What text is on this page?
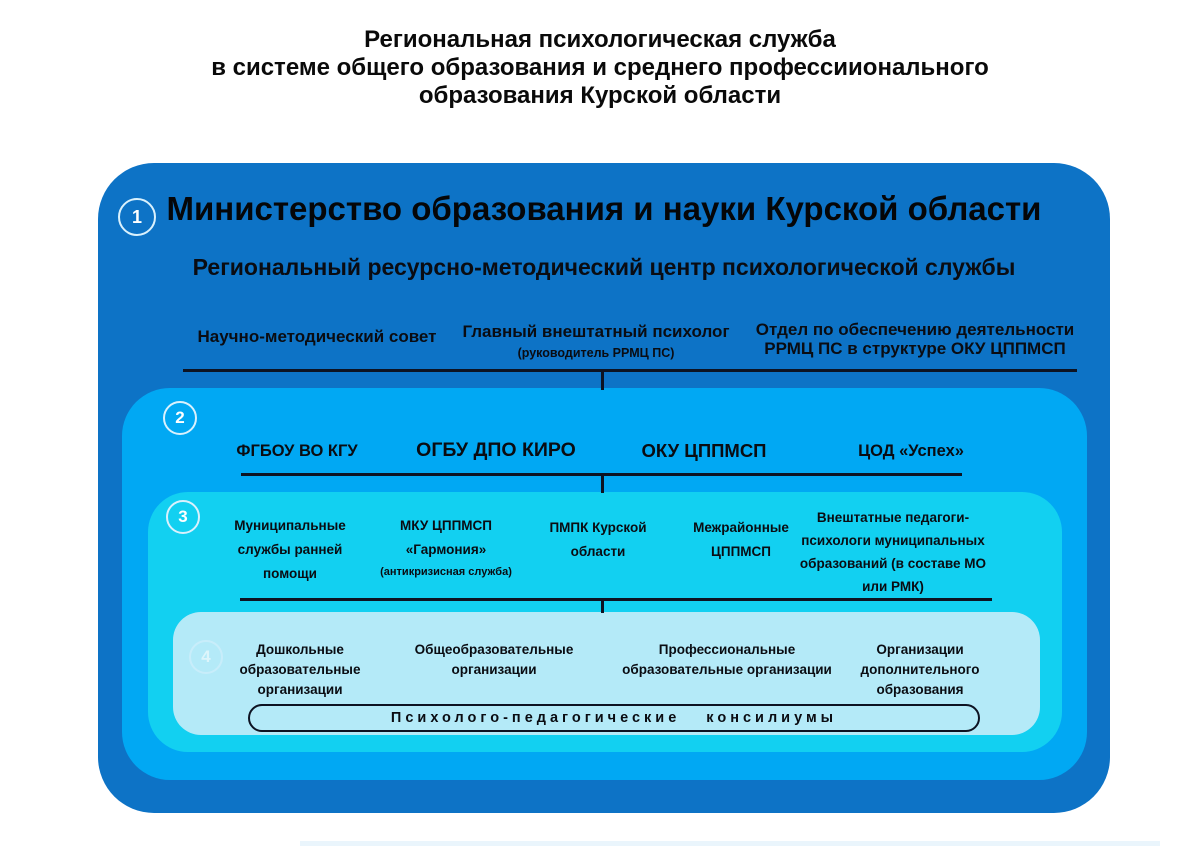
Региональная психологическая служба
в системе общего образования и среднего профессиионального
образования Курской области
1
2
3
4
Министерство образования и науки Курской области
Региональный ресурсно-методический центр психологической службы
Научно-методический совет	Главный внештатный психолог
(руководитель РРМЦ ПС)
Отдел по обеспечению деятельности РРМЦ ПС в структуре ОКУ ЦППМСП
ФГБОУ ВО КГУ	ОГБУ ДПО КИРО	ОКУ ЦППМСП	ЦОД «Успех»
Муниципальные службы ранней помощи
МКУ ЦППМСП «Гармония»
(антикризисная служба)
ПМПК Курской области
Межрайонные ЦППМСП
Внештатные педагоги-психологи муниципальных образований (в составе МО или РМК)
Дошкольные образовательные организации
Общеобразовательные организации
Профессиональные образовательные организации
Организации дополнительного образования
Психолого-педагогические консилиумы
